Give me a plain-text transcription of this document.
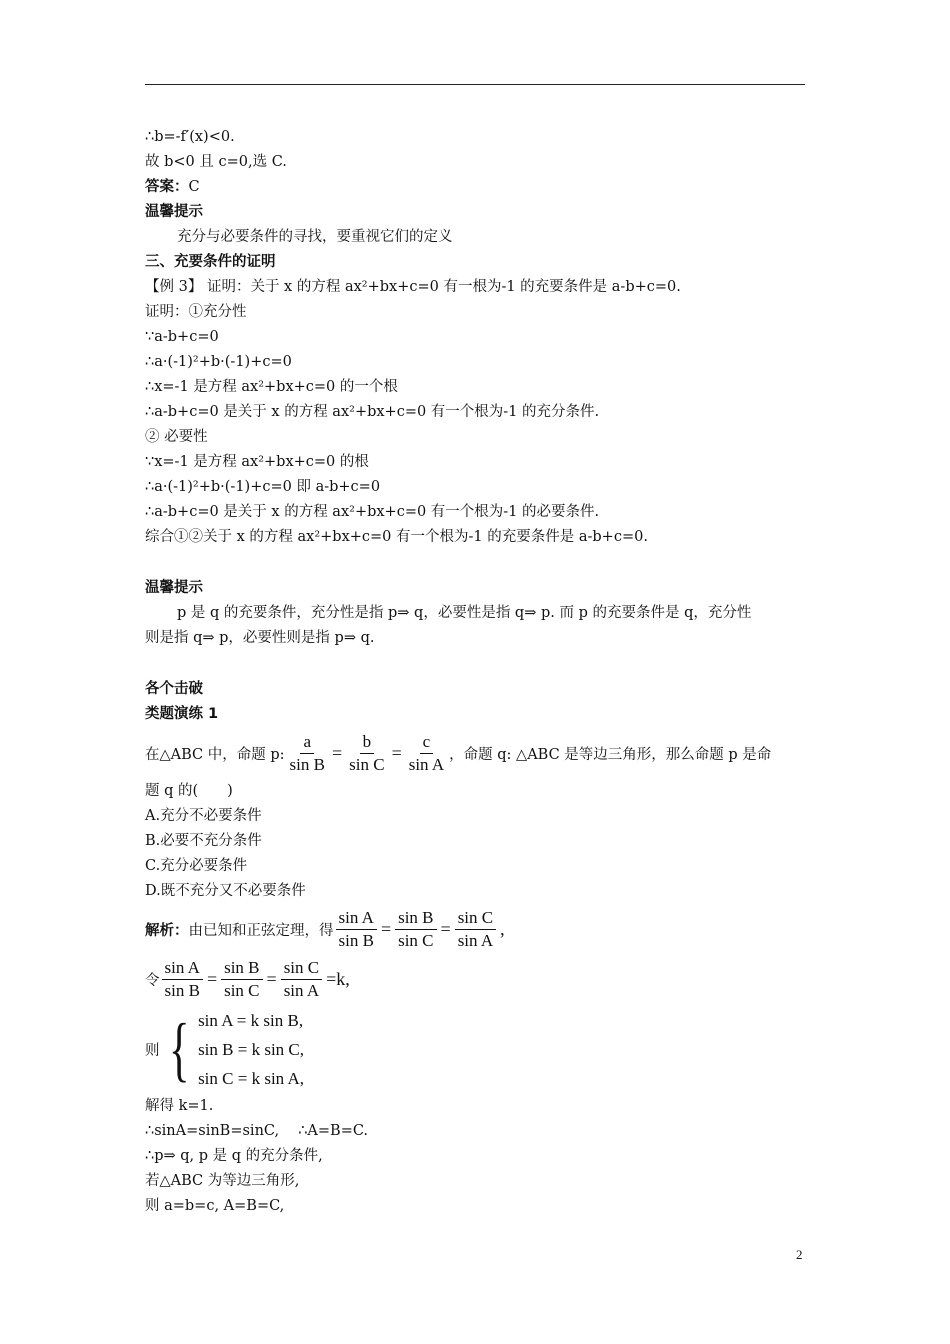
∴b=-f′(x)<0.
故 b<0 且 c=0,选 C.
答案：C
温馨提示
充分与必要条件的寻找，要重视它们的定义
三、充要条件的证明
【例 3】 证明：关于 x 的方程 ax²+bx+c=0 有一根为-1 的充要条件是 a-b+c=0.
证明：①充分性
∵a-b+c=0
∴a·(-1)²+b·(-1)+c=0
∴x=-1 是方程 ax²+bx+c=0 的一个根
∴a-b+c=0 是关于 x 的方程 ax²+bx+c=0 有一个根为-1 的充分条件.
② 必要性
∵x=-1 是方程 ax²+bx+c=0 的根
∴a·(-1)²+b·(-1)+c=0 即 a-b+c=0
∴a-b+c=0 是关于 x 的方程 ax²+bx+c=0 有一个根为-1 的必要条件.
综合①②关于 x 的方程 ax²+bx+c=0 有一个根为-1 的充要条件是 a-b+c=0.
温馨提示
p 是 q 的充要条件，充分性是指 p⇒ q，必要性是指 q⇒ p. 而 p 的充要条件是 q，充分性
则是指 q⇒ p，必要性则是指 p⇒ q.
各个击破
类题演练 1
在△ABC 中，命题 p: $\frac{a}{\text{sin B}} = \frac{b}{\text{sin C}} = \frac{c}{\text{sin A}}$ ，命题 q: △ABC 是等边三角形，那么命题 p 是命
题 q 的(　　)
A.充分不必要条件
B.必要不充分条件
C.充分必要条件
D.既不充分又不必要条件
解析： 由已知和正弦定理，得 $\frac{\text{sin A}}{\text{sin B}} = \frac{\text{sin B}}{\text{sin C}} = \frac{\text{sin C}}{\text{sin A}}$ ,
令 $\frac{\text{sin A}}{\text{sin B}} = \frac{\text{sin B}}{\text{sin C}} = \frac{\text{sin C}}{\text{sin A}} =k$,
则 { sin A = k sin B,
sin B = k sin C,
sin C = k sin A,
解得 k=1.
∴sinA=sinB=sinC,　 ∴A=B=C.
∴p⇒ q, p 是 q 的充分条件,
若△ABC 为等边三角形,
则 a=b=c, A=B=C,
2
